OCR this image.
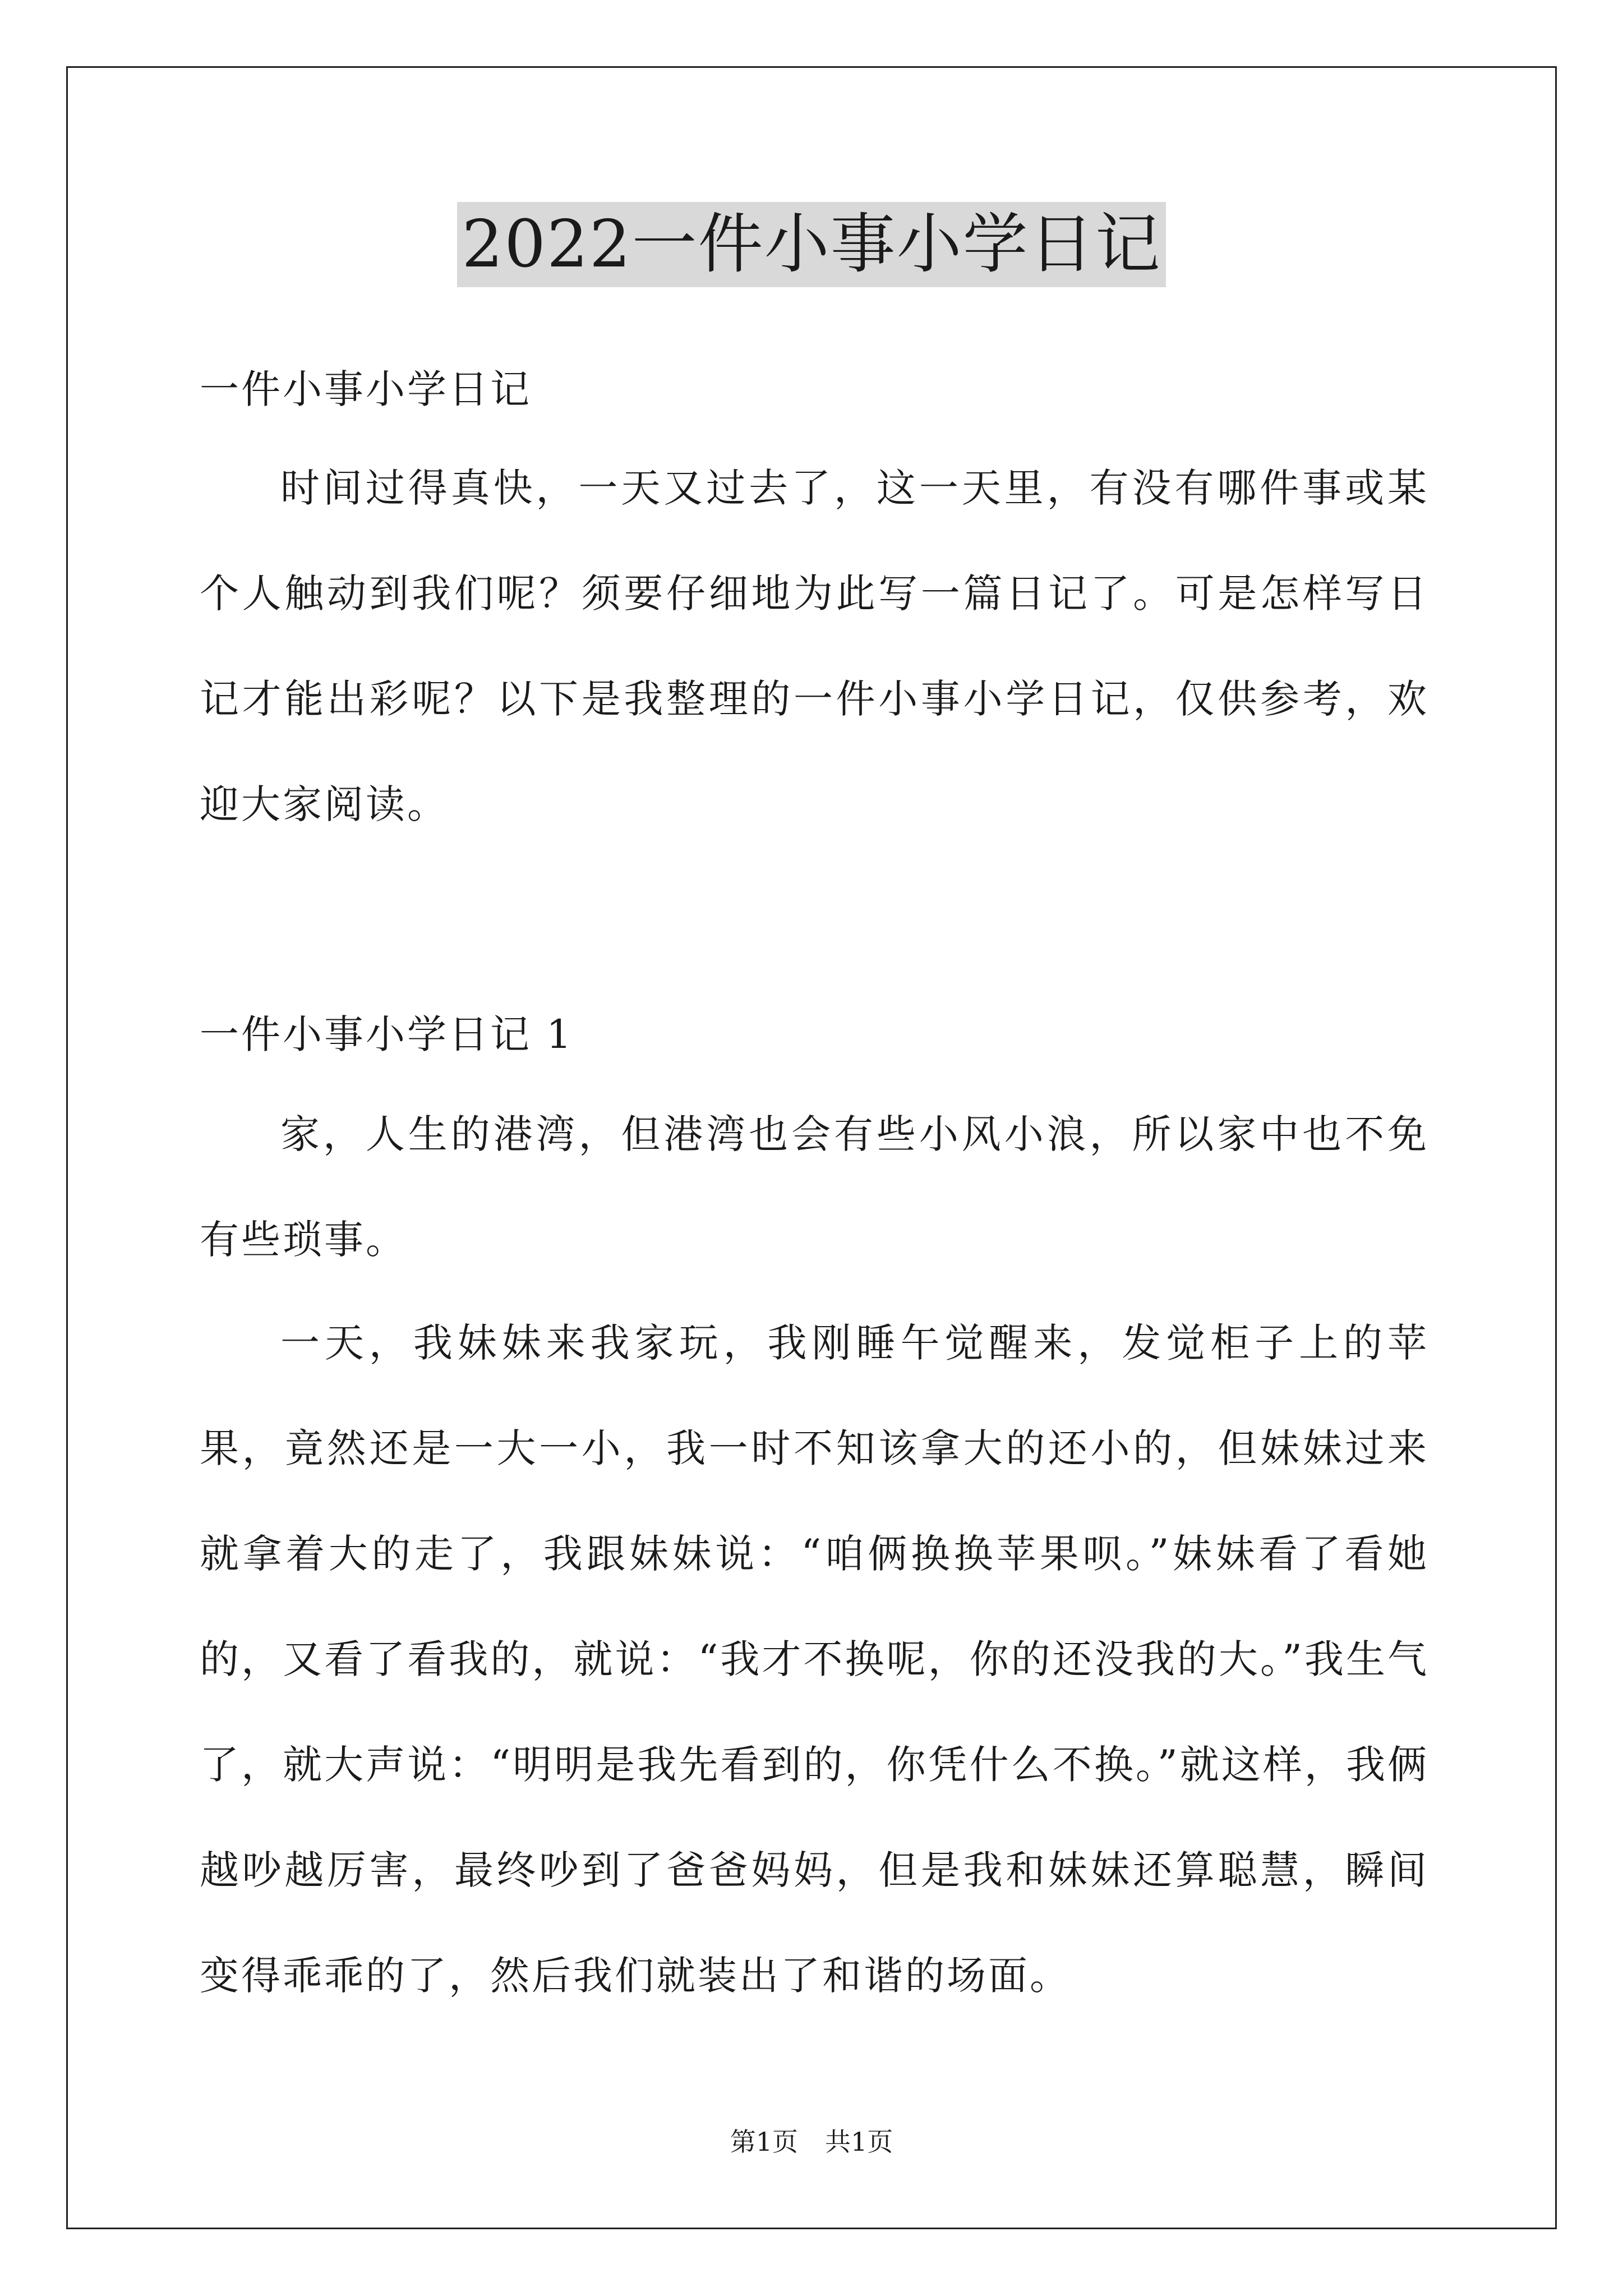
2022一件小事小学日记

一件小事小学日记

时间过得真快，一天又过去了，这一天里，有没有哪件事或某个人触动到我们呢？须要仔细地为此写一篇日记了。可是怎样写日记才能出彩呢？以下是我整理的一件小事小学日记，仅供参考，欢迎大家阅读。

一件小事小学日记 1

家，人生的港湾，但港湾也会有些小风小浪，所以家中也不免有些琐事。

一天，我妹妹来我家玩，我刚睡午觉醒来，发觉柜子上的苹果，竟然还是一大一小，我一时不知该拿大的还小的，但妹妹过来就拿着大的走了，我跟妹妹说：“咱俩换换苹果呗。”妹妹看了看她的，又看了看我的，就说：“我才不换呢，你的还没我的大。”我生气了，就大声说：“明明是我先看到的，你凭什么不换。”就这样，我俩越吵越厉害，最终吵到了爸爸妈妈，但是我和妹妹还算聪慧，瞬间变得乖乖的了，然后我们就装出了和谐的场面。

第1页 共1页
